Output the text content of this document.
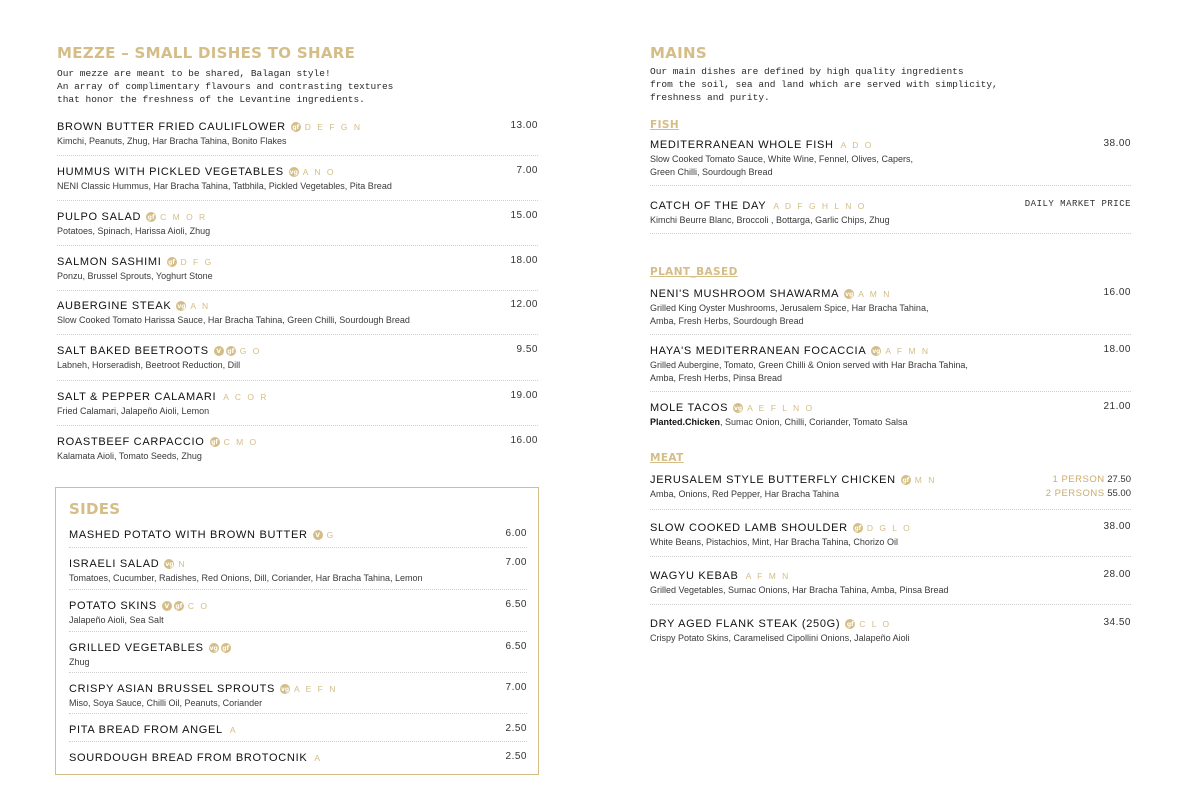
MEZZE – SMALL DISHES TO SHARE
Our mezze are meant to be shared, Balagan style!
An array of complimentary flavours and contrasting textures
that honor the freshness of the Levantine ingredients.
BROWN BUTTER FRIED CAULIFLOWER gf D E F G N	13.00
Kimchi, Peanuts, Zhug, Har Bracha Tahina, Bonito Flakes
HUMMUS WITH PICKLED VEGETABLES vg A N O	7.00
NENI Classic Hummus, Har Bracha Tahina, Tatbhila, Pickled Vegetables, Pita Bread
PULPO SALAD gf C M O R	15.00
Potatoes, Spinach, Harissa Aioli, Zhug
SALMON SASHIMI gf D F G	18.00
Ponzu, Brussel Sprouts, Yoghurt Stone
AUBERGINE STEAK vg A N	12.00
Slow Cooked Tomato Harissa Sauce, Har Bracha Tahina, Green Chilli, Sourdough Bread
SALT BAKED BEETROOTS	V	gf G O	9.50
Labneh, Horseradish, Beetroot Reduction, Dill
SALT & PEPPER CALAMARI A C O R	19.00
Fried Calamari, Jalapeño Aioli, Lemon
ROASTBEEF CARPACCIO gf C M O	16.00
Kalamata Aioli, Tomato Seeds, Zhug
SIDES
MASHED POTATO WITH BROWN BUTTER	V G	6.00
ISRAELI SALAD vg N	7.00
Tomatoes, Cucumber, Radishes, Red Onions, Dill, Coriander, Har Bracha Tahina, Lemon
POTATO SKINS	V	gf C O	6.50
Jalapeño Aioli, Sea Salt
GRILLED VEGETABLES vg gf	6.50
Zhug
CRISPY ASIAN BRUSSEL SPROUTS vg A E F N	7.00
Miso, Soya Sauce, Chilli Oil, Peanuts, Coriander
PITA BREAD FROM ANGEL A	2.50
SOURDOUGH BREAD FROM BROTOCNIK A	2.50
MAINS
Our main dishes are defined by high quality ingredients
from the soil, sea and land which are served with simplicity,
freshness and purity.
FISH
MEDITERRANEAN WHOLE FISH A D O	38.00
Slow Cooked Tomato Sauce, White Wine, Fennel, Olives, Capers,
Green Chilli, Sourdough Bread
CATCH OF THE DAY A D F G H L N O	DAILY MARKET PRICE
Kimchi Beurre Blanc, Broccoli , Bottarga, Garlic Chips, Zhug
PLANT_BASED
NENI'S MUSHROOM SHAWARMA vg A M N	16.00
Grilled King Oyster Mushrooms, Jerusalem Spice, Har Bracha Tahina,
Amba, Fresh Herbs, Sourdough Bread
HAYA'S MEDITERRANEAN FOCACCIA vg A F M N	18.00
Grilled Aubergine, Tomato, Green Chilli & Onion served with Har Bracha Tahina,
Amba, Fresh Herbs, Pinsa Bread
MOLE TACOS vg A E F L N O	21.00
Planted.Chicken, Sumac Onion, Chilli, Coriander, Tomato Salsa
MEAT
JERUSALEM STYLE BUTTERFLY CHICKEN gf M N	1 PERSON 27.50
2 PERSONS 55.00
Amba, Onions, Red Pepper, Har Bracha Tahina
SLOW COOKED LAMB SHOULDER gf D G L O	38.00
White Beans, Pistachios, Mint, Har Bracha Tahina, Chorizo Oil
WAGYU KEBAB A F M N	28.00
Grilled Vegetables, Sumac Onions, Har Bracha Tahina, Amba, Pinsa Bread
DRY AGED FLANK STEAK (250G) gf C L O	34.50
Crispy Potato Skins, Caramelised Cipollini Onions, Jalapeño Aioli
